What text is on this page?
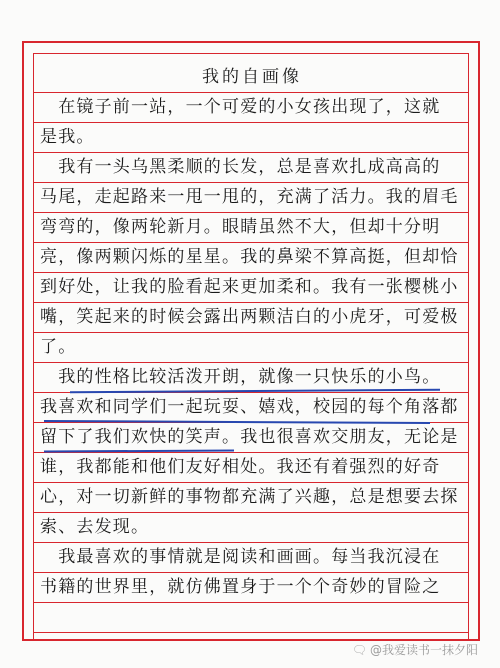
我的自画像
　在镜子前一站，一个可爱的小女孩出现了，这就
是我。
　我有一头乌黑柔顺的长发，总是喜欢扎成高高的
马尾，走起路来一甩一甩的，充满了活力。我的眉毛
弯弯的，像两轮新月。眼睛虽然不大，但却十分明
亮，像两颗闪烁的星星。我的鼻梁不算高挺，但却恰
到好处，让我的脸看起来更加柔和。我有一张樱桃小
嘴，笑起来的时候会露出两颗洁白的小虎牙，可爱极
了。
　我的性格比较活泼开朗，就像一只快乐的小鸟。
我喜欢和同学们一起玩耍、嬉戏，校园的每个角落都
留下了我们欢快的笑声。我也很喜欢交朋友，无论是
谁，我都能和他们友好相处。我还有着强烈的好奇
心，对一切新鲜的事物都充满了兴趣，总是想要去探
索、去发现。
　我最喜欢的事情就是阅读和画画。每当我沉浸在
书籍的世界里，就仿佛置身于一个个奇妙的冒险之
🗨 @我爱读书一抹夕阳
